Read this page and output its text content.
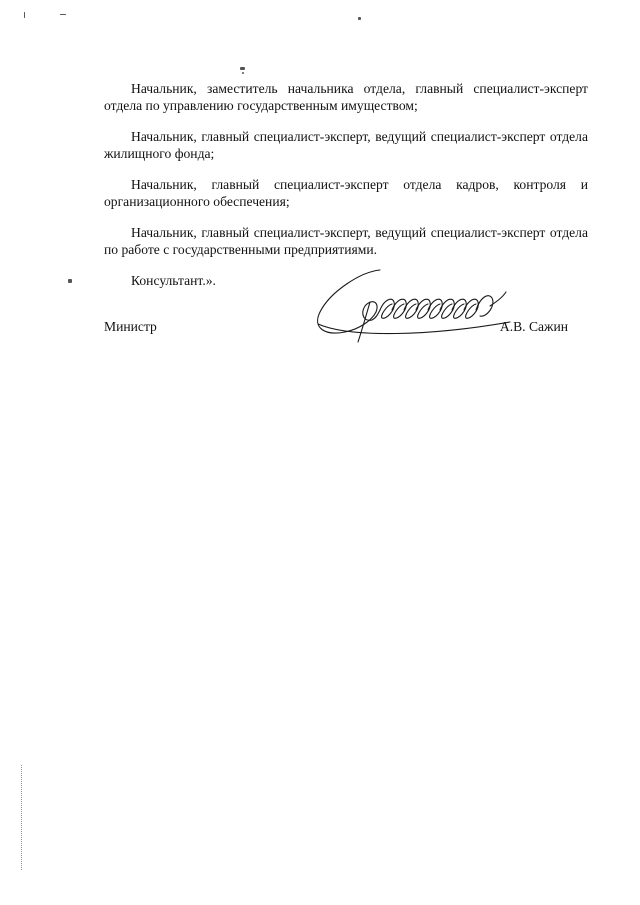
Начальник, заместитель начальника отдела, главный специалист-эксперт отдела по управлению государственным имуществом;

Начальник, главный специалист-эксперт, ведущий специалист-эксперт отдела жилищного фонда;

Начальник, главный специалист-эксперт отдела кадров, контроля и организационного обеспечения;

Начальник, главный специалист-эксперт, ведущий специалист-эксперт отдела по работе с государственными предприятиями.

Консультант.».

Министр	А.В. Сажин
